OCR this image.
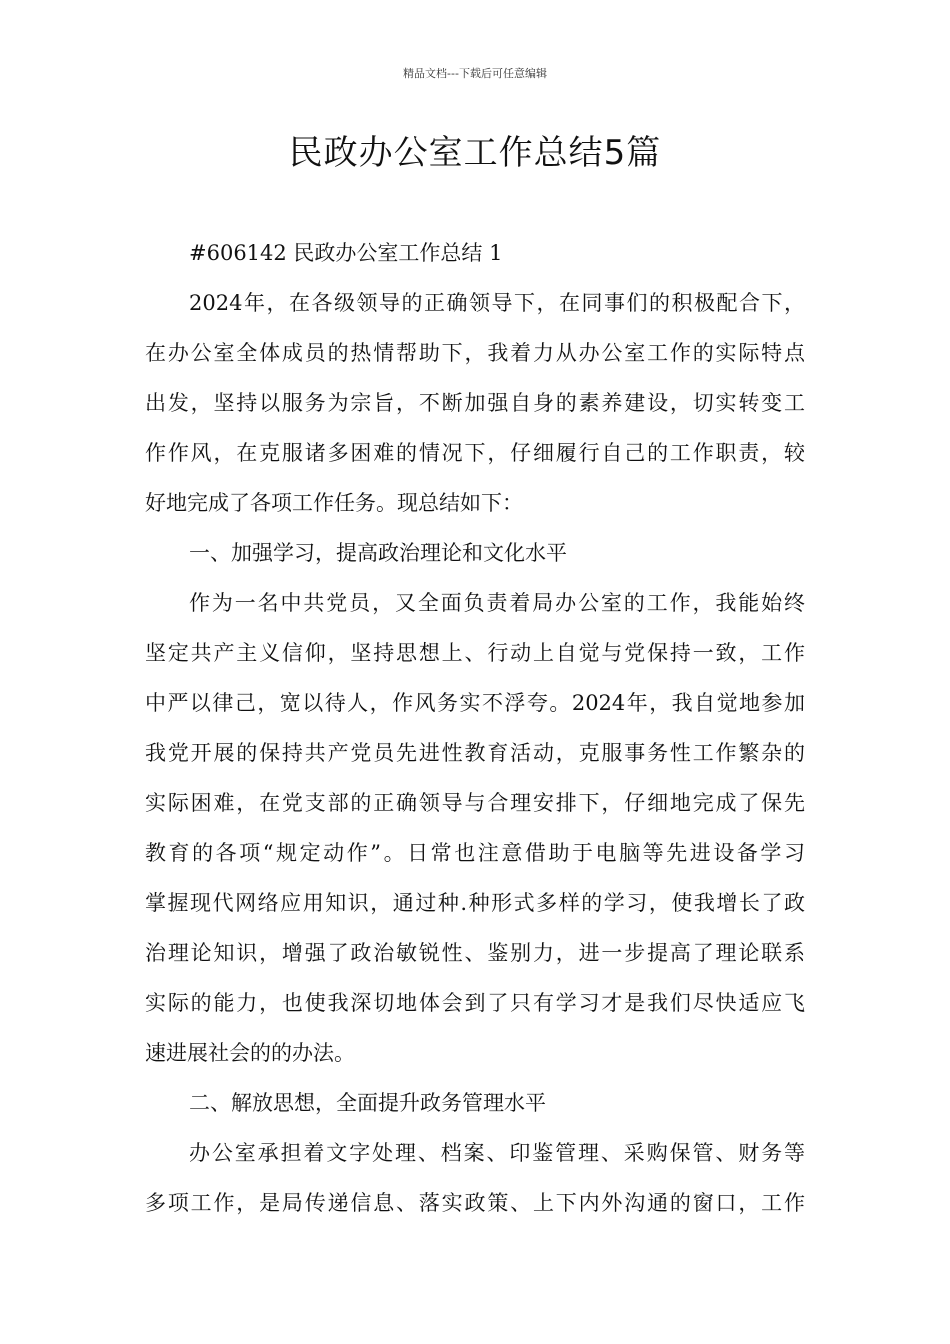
精品文档---下载后可任意编辑
民政办公室工作总结5篇
#606142 民政办公室工作总结 1
2024年，在各级领导的正确领导下，在同事们的积极配合下，
在办公室全体成员的热情帮助下，我着力从办公室工作的实际特点
出发，坚持以服务为宗旨，不断加强自身的素养建设，切实转变工
作作风，在克服诸多困难的情况下，仔细履行自己的工作职责，较
好地完成了各项工作任务。现总结如下：
一、加强学习，提高政治理论和文化水平
作为一名中共党员，又全面负责着局办公室的工作，我能始终
坚定共产主义信仰，坚持思想上、行动上自觉与党保持一致，工作
中严以律己，宽以待人，作风务实不浮夸。2024年，我自觉地参加
我党开展的保持共产党员先进性教育活动，克服事务性工作繁杂的
实际困难，在党支部的正确领导与合理安排下，仔细地完成了保先
教育的各项“规定动作”。日常也注意借助于电脑等先进设备学习
掌握现代网络应用知识，通过种.种形式多样的学习，使我增长了政
治理论知识，增强了政治敏锐性、鉴别力，进一步提高了理论联系
实际的能力，也使我深切地体会到了只有学习才是我们尽快适应飞
速进展社会的的办法。
二、解放思想，全面提升政务管理水平
办公室承担着文字处理、档案、印鉴管理、采购保管、财务等
多项工作，是局传递信息、落实政策、上下内外沟通的窗口，工作
